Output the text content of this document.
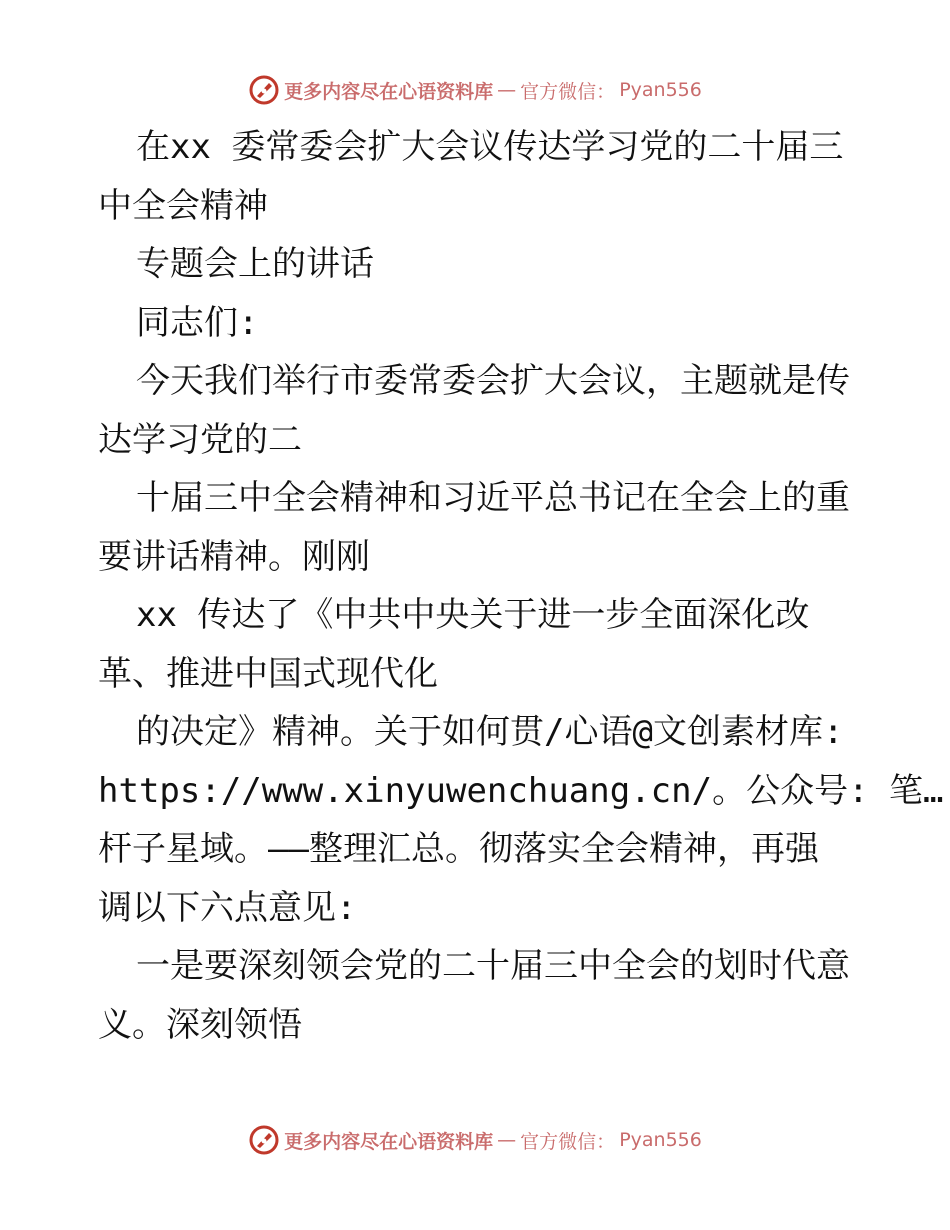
更多内容尽在心语资料库 — 官方微信： Pyan556
在xx 委常委会扩大会议传达学习党的二十届三
中全会精神
专题会上的讲话
同志们:
今天我们举行市委常委会扩大会议，主题就是传
达学习党的二
十届三中全会精神和习近平总书记在全会上的重
要讲话精神。刚刚
xx 传达了《中共中央关于进一步全面深化改
革、推进中国式现代化
的决定》精神。关于如何贯/心语@文创素材库:
https://www.xinyuwenchuang.cn/。公众号: 笔…
杆子星域。——整理汇总。彻落实全会精神，再强
调以下六点意见:
一是要深刻领会党的二十届三中全会的划时代意
义。深刻领悟
更多内容尽在心语资料库 — 官方微信： Pyan556
